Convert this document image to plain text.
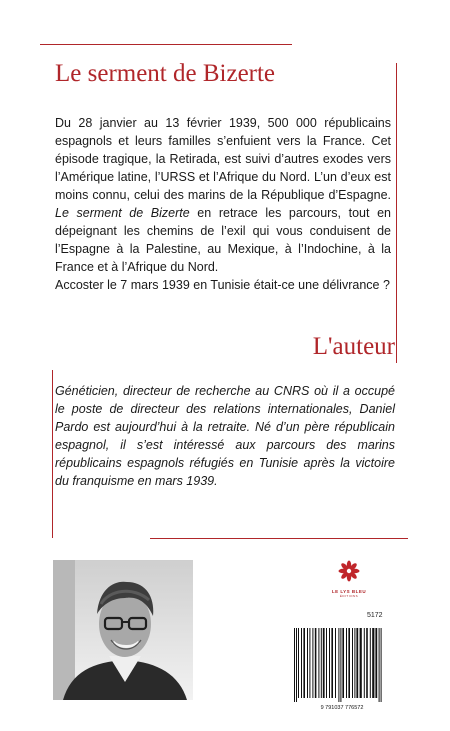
Le serment de Bizerte

Du 28 janvier au 13 février 1939, 500 000 républicains espagnols et leurs familles s’enfuient vers la France. Cet épisode tragique, la Retirada, est suivi d’autres exodes vers l’Amérique latine, l’URSS et l’Afrique du Nord. L’un d’eux est moins connu, celui des marins de la République d’Espagne. Le serment de Bizerte en retrace les parcours, tout en dépeignant les chemins de l’exil qui vous conduisent de l’Espagne à la Palestine, au Mexique, à l’Indochine, à la France et à l’Afrique du Nord.

Accoster le 7 mars 1939 en Tunisie était-ce une délivrance ?

L'auteur

Généticien, directeur de recherche au CNRS où il a occupé le poste de directeur des relations internationales, Daniel Pardo est aujourd’hui à la retraite. Né d’un père républicain espagnol, il s’est intéressé aux parcours des marins républicains espagnols réfugiés en Tunisie après la victoire du franquisme en mars 1939.

LE LYS BLEU
ÉDITIONS
5172
9 791037 776572
